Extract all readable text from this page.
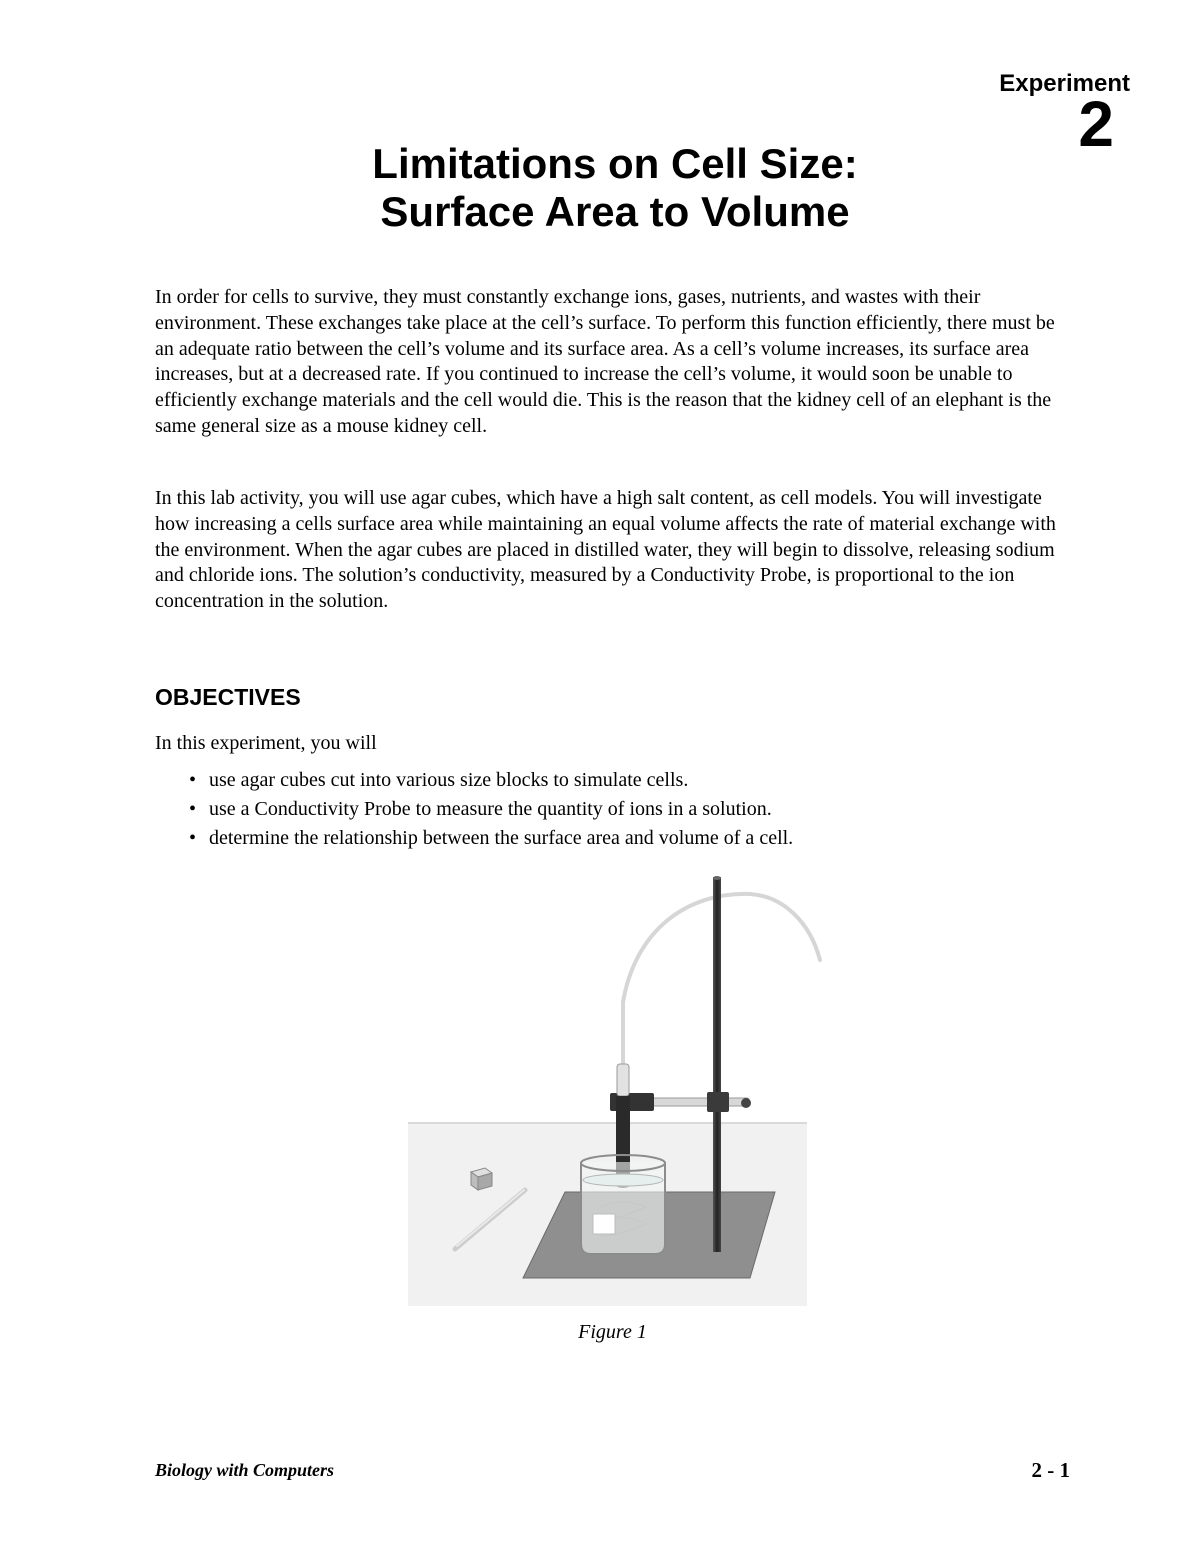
Experiment

2

Limitations on Cell Size:
Surface Area to Volume

In order for cells to survive, they must constantly exchange ions, gases, nutrients, and wastes with their environment. These exchanges take place at the cell’s surface. To perform this function efficiently, there must be an adequate ratio between the cell’s volume and its surface area. As a cell’s volume increases, its surface area increases, but at a decreased rate. If you continued to increase the cell’s volume, it would soon be unable to efficiently exchange materials and the cell would die. This is the reason that the kidney cell of an elephant is the same general size as a mouse kidney cell.

In this lab activity, you will use agar cubes, which have a high salt content, as cell models. You will investigate how increasing a cells surface area while maintaining an equal volume affects the rate of material exchange with the environment. When the agar cubes are placed in distilled water, they will begin to dissolve, releasing sodium and chloride ions. The solution’s conductivity, measured by a Conductivity Probe, is proportional to the ion concentration in the solution.

OBJECTIVES

In this experiment, you will

• use agar cubes cut into various size blocks to simulate cells.
• use a Conductivity Probe to measure the quantity of ions in a solution.
• determine the relationship between the surface area and volume of a cell.

Figure 1

Biology with Computers	2 - 1
